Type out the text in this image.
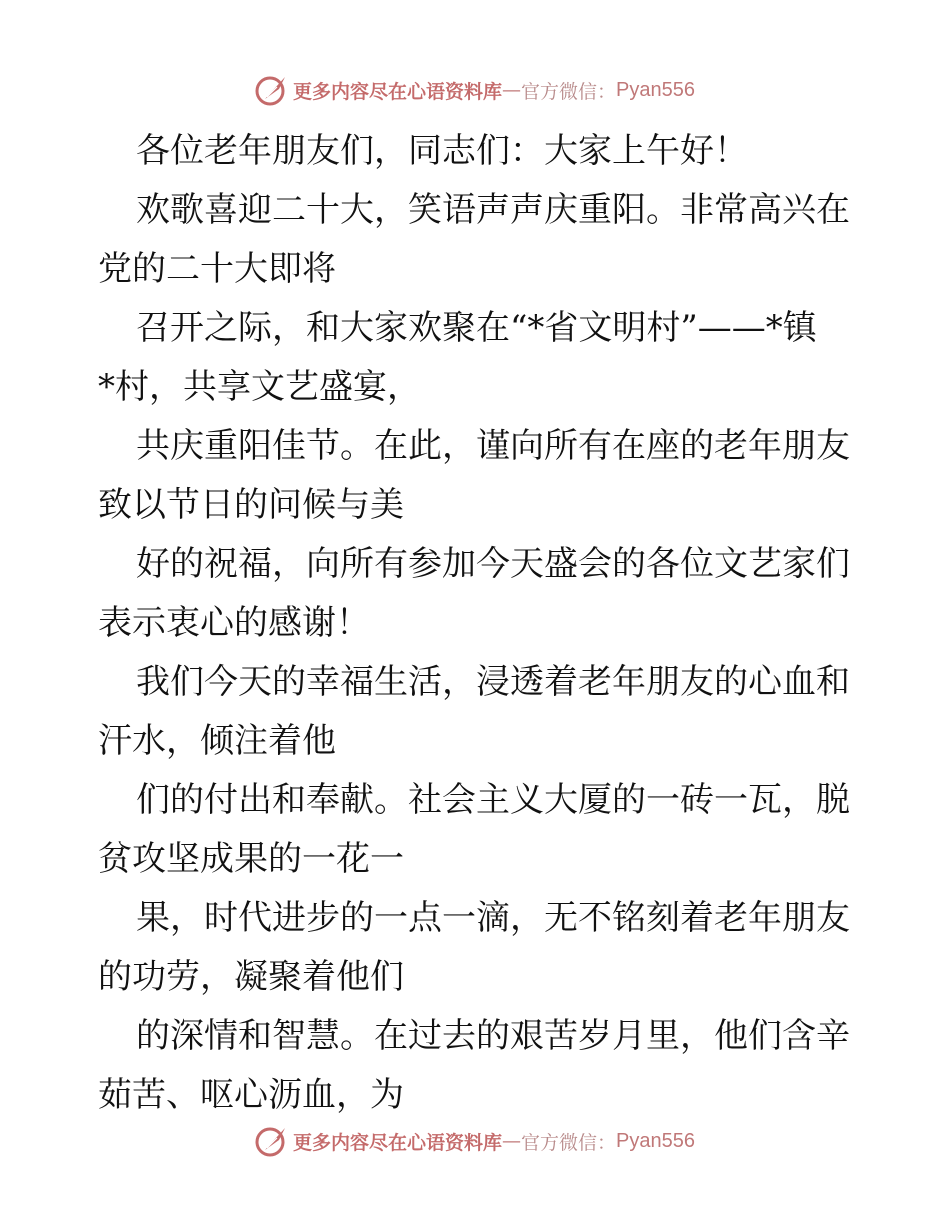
更多内容尽在心语资料库 — 官方微信： Pyan556
各位老年朋友们，同志们：大家上午好！
欢歌喜迎二十大，笑语声声庆重阳。非常高兴在
党的二十大即将
召开之际，和大家欢聚在“*省文明村”——*镇
*村，共享文艺盛宴，
共庆重阳佳节。在此，谨向所有在座的老年朋友
致以节日的问候与美
好的祝福，向所有参加今天盛会的各位文艺家们
表示衷心的感谢！
我们今天的幸福生活，浸透着老年朋友的心血和
汗水，倾注着他
们的付出和奉献。社会主义大厦的一砖一瓦，脱
贫攻坚成果的一花一
果，时代进步的一点一滴，无不铭刻着老年朋友
的功劳，凝聚着他们
的深情和智慧。在过去的艰苦岁月里，他们含辛
茹苦、呕心沥血，为
更多内容尽在心语资料库 — 官方微信： Pyan556
